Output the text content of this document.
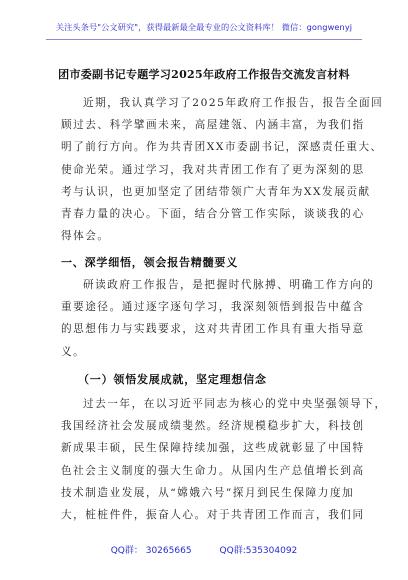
关注头条号"公文研究"，获得最新最全最专业的公文资料库！ 微信：gongwenyj
团市委副书记专题学习2025年政府工作报告交流发言材料
近期，我认真学习了2025年政府工作报告，报告全面回
顾过去、科学擘画未来，高屋建瓴、内涵丰富，为我们指
明了前行方向。作为共青团XX市委副书记，深感责任重大、
使命光荣。通过学习，我对共青团工作有了更为深刻的思
考与认识，也更加坚定了团结带领广大青年为XX发展贡献
青春力量的决心。下面，结合分管工作实际，谈谈我的心
得体会。
一、深学细悟，领会报告精髓要义
研读政府工作报告，是把握时代脉搏、明确工作方向的
重要途径。通过逐字逐句学习，我深刻领悟到报告中蕴含
的思想伟力与实践要求，这对共青团工作具有重大指导意
义。
（一）领悟发展成就，坚定理想信念
过去一年，在以习近平同志为核心的党中央坚强领导下，
我国经济社会发展成绩斐然。经济规模稳步扩大，科技创
新成果丰硕，民生保障持续加强，这些成就彰显了中国特
色社会主义制度的强大生命力。从国内生产总值增长到高
技术制造业发展，从“嫦娥六号”探月到民生保障力度加
大，桩桩件件，振奋人心。对于共青团工作而言，我们同
QQ群： 30265665	QQ群:535304092
